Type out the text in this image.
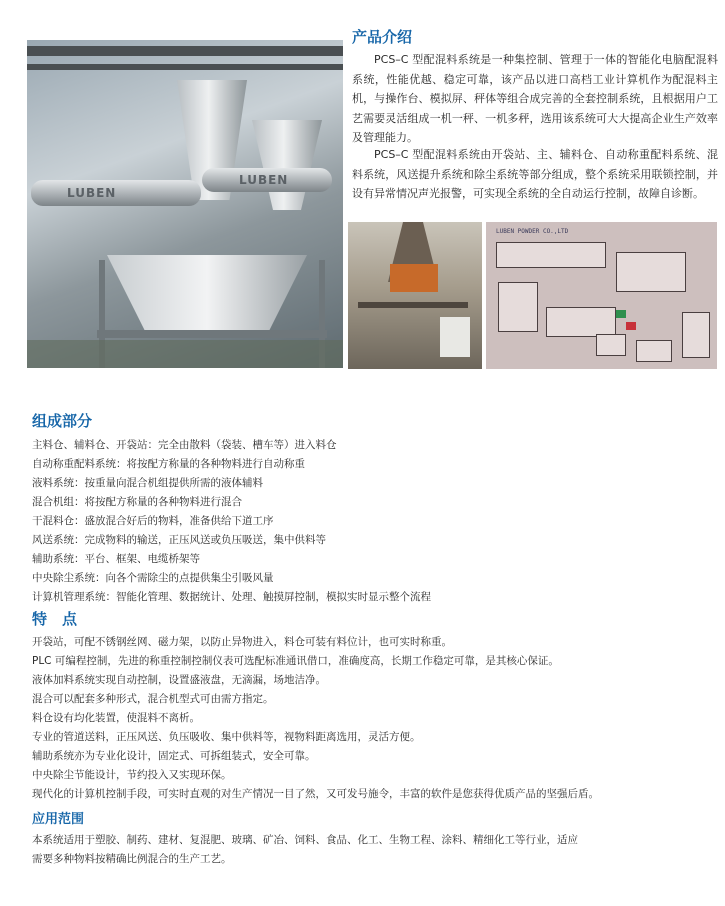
LUBEN
LUBEN
产品介绍
PCS–C 型配混料系统是一种集控制、管理于一体的智能化电脑配混料系统，性能优越、稳定可靠，该产品以进口高档工业计算机作为配混料主机，与操作台、模拟屏、秤体等组合成完善的全套控制系统，且根据用户工艺需要灵活组成一机一秤、一机多秤，选用该系统可大大提高企业生产效率及管理能力。
PCS–C 型配混料系统由开袋站、主、辅料仓、自动称重配料系统、混料系统，风送提升系统和除尘系统等部分组成，整个系统采用联锁控制，并设有异常情况声光报警，可实现全系统的全自动运行控制，故障自诊断。
LUBEN POWDER CO.,LTD
组成部分
主料仓、辅料仓、开袋站：完全由散料（袋装、槽车等）进入料仓
自动称重配料系统：将按配方称量的各种物料进行自动称重
液料系统：按重量向混合机组提供所需的液体辅料
混合机组：将按配方称量的各种物料进行混合
干混料仓：盛放混合好后的物料，准备供给下道工序
风送系统：完成物料的输送，正压风送或负压吸送，集中供料等
辅助系统：平台、框架、电缆桥架等
中央除尘系统：向各个需除尘的点提供集尘引吸风量
计算机管理系统：智能化管理、数据统计、处理、触摸屏控制，模拟实时显示整个流程
特　点
开袋站，可配不锈钢丝网、磁力架，以防止异物进入，料仓可装有料位计，也可实时称重。
PLC 可编程控制，先进的称重控制控制仪表可选配标准通讯借口，准确度高，长期工作稳定可靠，是其核心保证。
液体加料系统实现自动控制，设置盛液盘，无滴漏，场地洁净。
混合可以配套多种形式，混合机型式可由需方指定。
料仓设有均化装置，使混料不离析。
专业的管道送料，正压风送、负压吸收、集中供料等，视物料距离选用，灵活方便。
辅助系统亦为专业化设计，固定式、可拆组装式，安全可靠。
中央除尘节能设计，节约投入又实现环保。
现代化的计算机控制手段，可实时直观的对生产情况一目了然，又可发号施令，丰富的软件是您获得优质产品的坚强后盾。
应用范围
本系统适用于塑胶、制药、建材、复混肥、玻璃、矿冶、饲料、食品、化工、生物工程、涂料、精细化工等行业，适应
需要多种物料按精确比例混合的生产工艺。
